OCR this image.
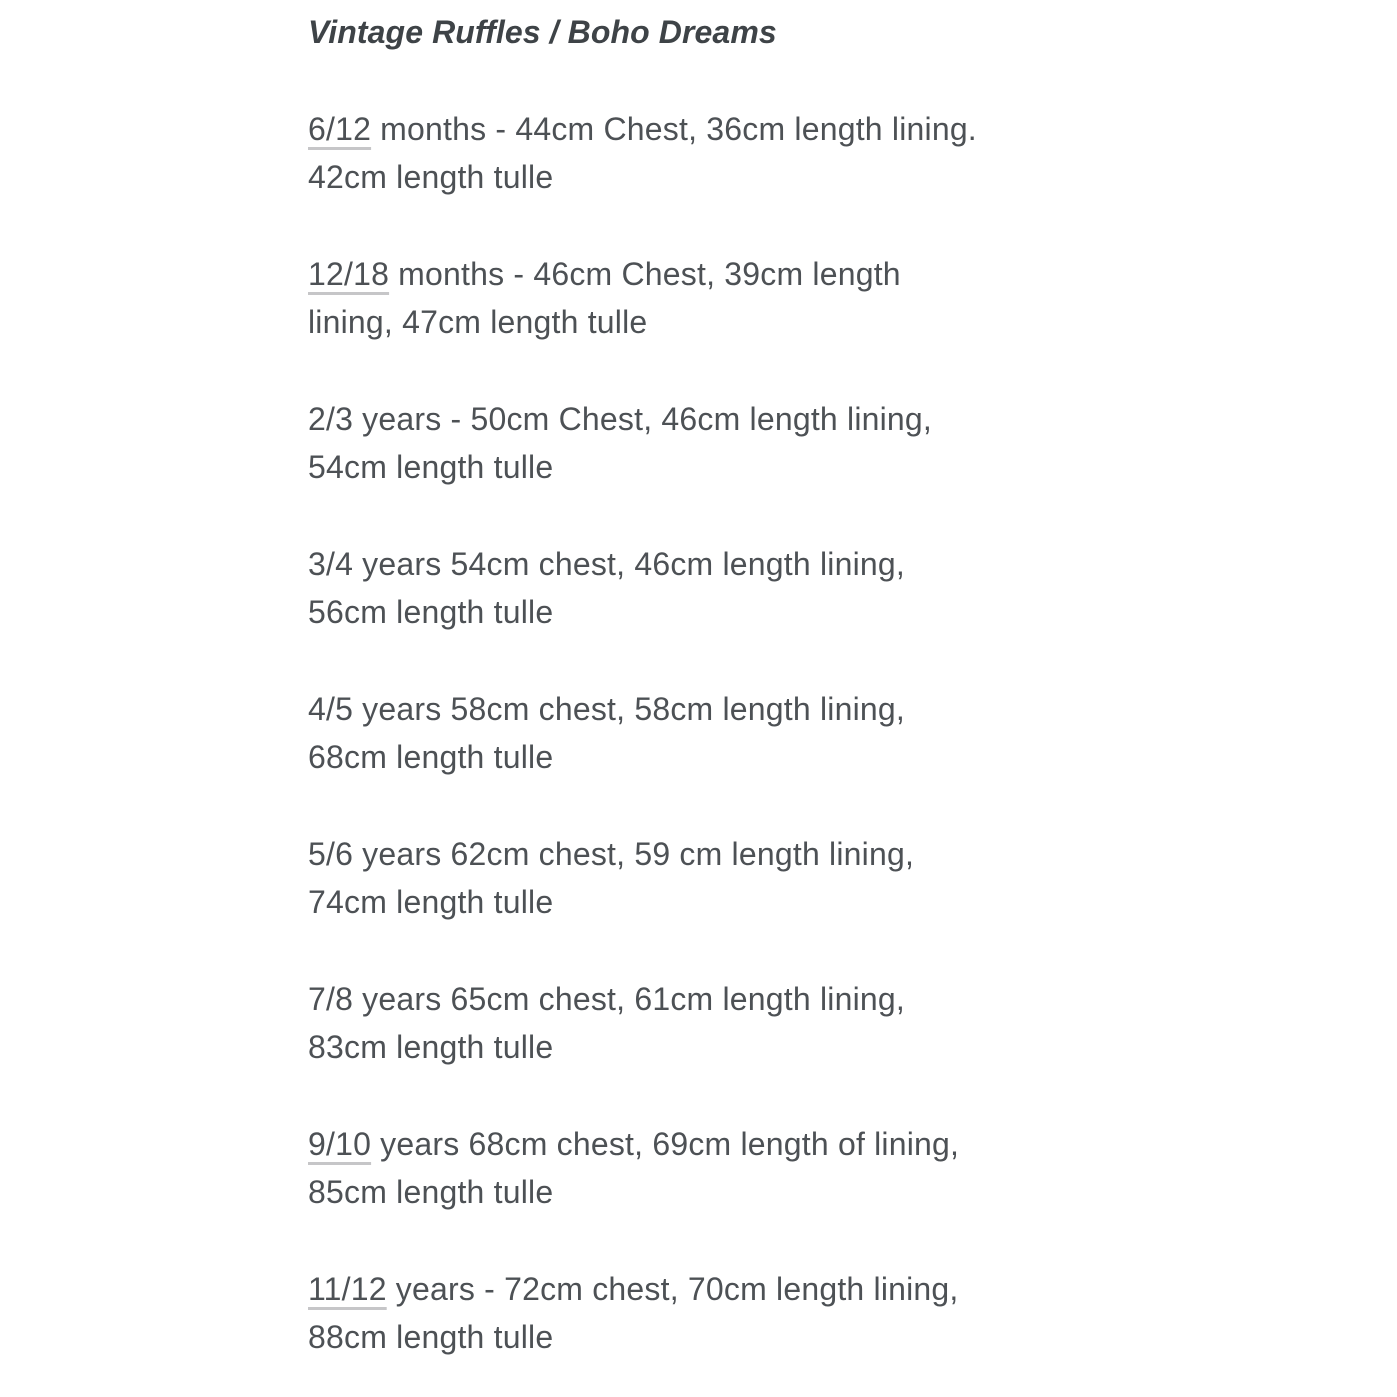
Vintage Ruffles / Boho Dreams

6/12 months - 44cm Chest, 36cm length lining.
42cm length tulle

12/18 months - 46cm Chest, 39cm length
lining, 47cm length tulle

2/3 years - 50cm Chest, 46cm length lining,
54cm length tulle

3/4 years 54cm chest, 46cm length lining,
56cm length tulle

4/5 years 58cm chest, 58cm length lining,
68cm length tulle

5/6 years 62cm chest, 59 cm length lining,
74cm length tulle

7/8 years 65cm chest, 61cm length lining,
83cm length tulle

9/10 years 68cm chest, 69cm length of lining,
85cm length tulle

11/12 years - 72cm chest, 70cm length lining,
88cm length tulle
